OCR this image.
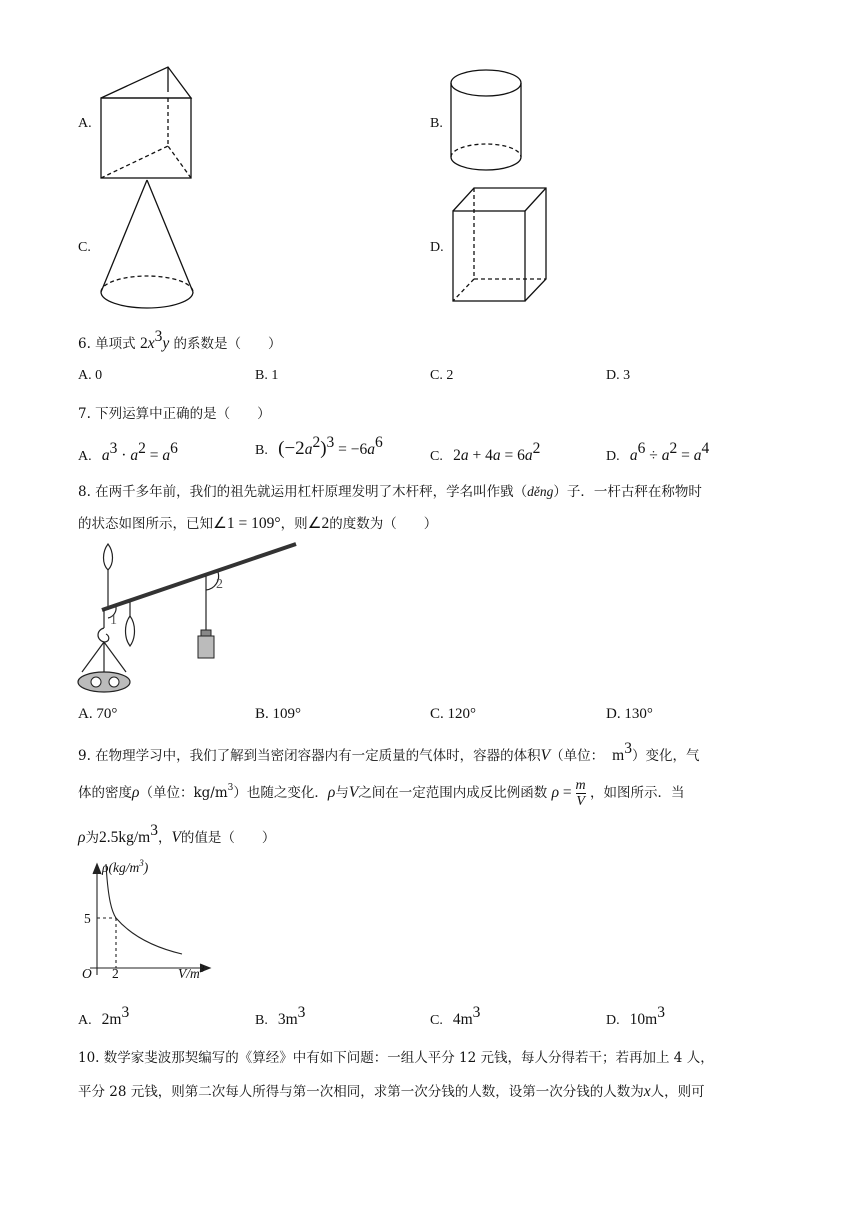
A.	B.
C.	D.
6. 单项式 $2x^3y$ 的系数是（　　）
A. 0	B. 1	C. 2	D. 3
7. 下列运算中正确的是（　　）
A. $a^3 \cdot a^2 = a^6$	B. $(-2a^2)^3 = -6a^6$
C. $2a + 4a = 6a^2$	D. $a^6 \div a^2 = a^4$
8. 在两千多年前，我们的祖先就运用杠杆原理发明了木杆秤，学名叫作戥（děng）子．一杆古秤在称物时
的状态如图所示，已知∠1 = 109°，则∠2的度数为（　　）
1
2
A. 70°	B. 109°	C. 120°	D. 130°
9. 在物理学习中，我们了解到当密闭容器内有一定质量的气体时，容器的体积V（单位： $m^3$）变化，气
体的密度ρ（单位：$kg/m^3$）也随之变化．ρ与V之间在一定范围内成反比例函数 $\rho = \frac{m}{V}$ ，如图所示．当
ρ为$2.5kg/m^3$，V的值是（　　）
$\rho(kg/m^3)$
5
O 2	$V/m^3$
A. $2m^3$	B. $3m^3$	C. $4m^3$	D. $10m^3$
10. 数学家斐波那契编写的《算经》中有如下问题：一组人平分 12 元钱，每人分得若干；若再加上 4 人，
平分 28 元钱，则第二次每人所得与第一次相同，求第一次分钱的人数，设第一次分钱的人数为x人，则可
